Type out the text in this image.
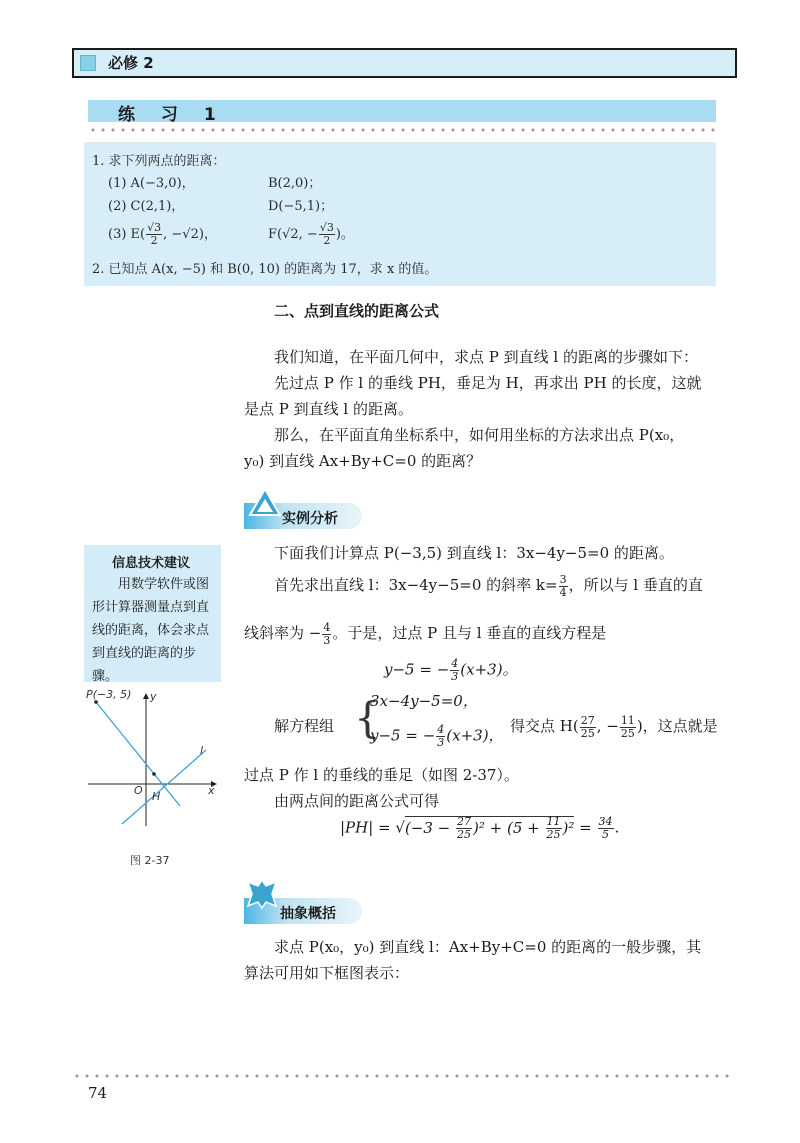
必修 2
练 习 1
1. 求下列两点的距离：
(1) A(−3,0)，	B(2,0)；
(2) C(2,1)，	D(−5,1)；
(3) $E( \frac{√3}{2}$ , −√2)，	F(√2, − $\frac{√3}{2}$ )。
2. 已知点 A(x, −5) 和 B(0, 10) 的距离为 17，求 x 的值。
二、点到直线的距离公式
我们知道，在平面几何中，求点 P 到直线 l 的距离的步骤如下：
先过点 P 作 l 的垂线 PH，垂足为 H，再求出 PH 的长度，这就
是点 P 到直线 l 的距离。
那么，在平面直角坐标系中，如何用坐标的方法求出点 P(x₀，
y₀) 到直线 Ax+By+C=0 的距离？
实例分析
信息技术建议
用数学软件或图形计算器测量点到直线的距离，体会求点到直线的距离的步骤。
P(−3, 5) y
x
O H
l
图 2-37
下面我们计算点 P(−3,5) 到直线 l：3x−4y−5=0 的距离。
首先求出直线 l：3x−4y−5=0 的斜率 $k= \frac{3}{4}$ ，所以与 l 垂直的直
线斜率为 − $\frac{4}{3}$ 。于是，过点 P 且与 l 垂直的直线方程是
y−5 = − $\frac{4}{3} (x+3)$。
解方程组 {
3x−4y−5=0，
y−5 = − $\frac{4}{3} (x+3)$，
得交点 $H( \frac{27}{25}$ , − $\frac{11}{25}$ )，这点就是
过点 P 作 l 的垂线的垂足（如图 2-37）。
由两点间的距离公式可得
$|PH| = √(-3 - \frac{27}{25} )^2 + (5 + \frac{11}{25} )^2 = \frac{34}{5}$ .
抽象概括
求点 P(x₀，y₀) 到直线 l：Ax+By+C=0 的距离的一般步骤，其
算法可用如下框图表示：
74
